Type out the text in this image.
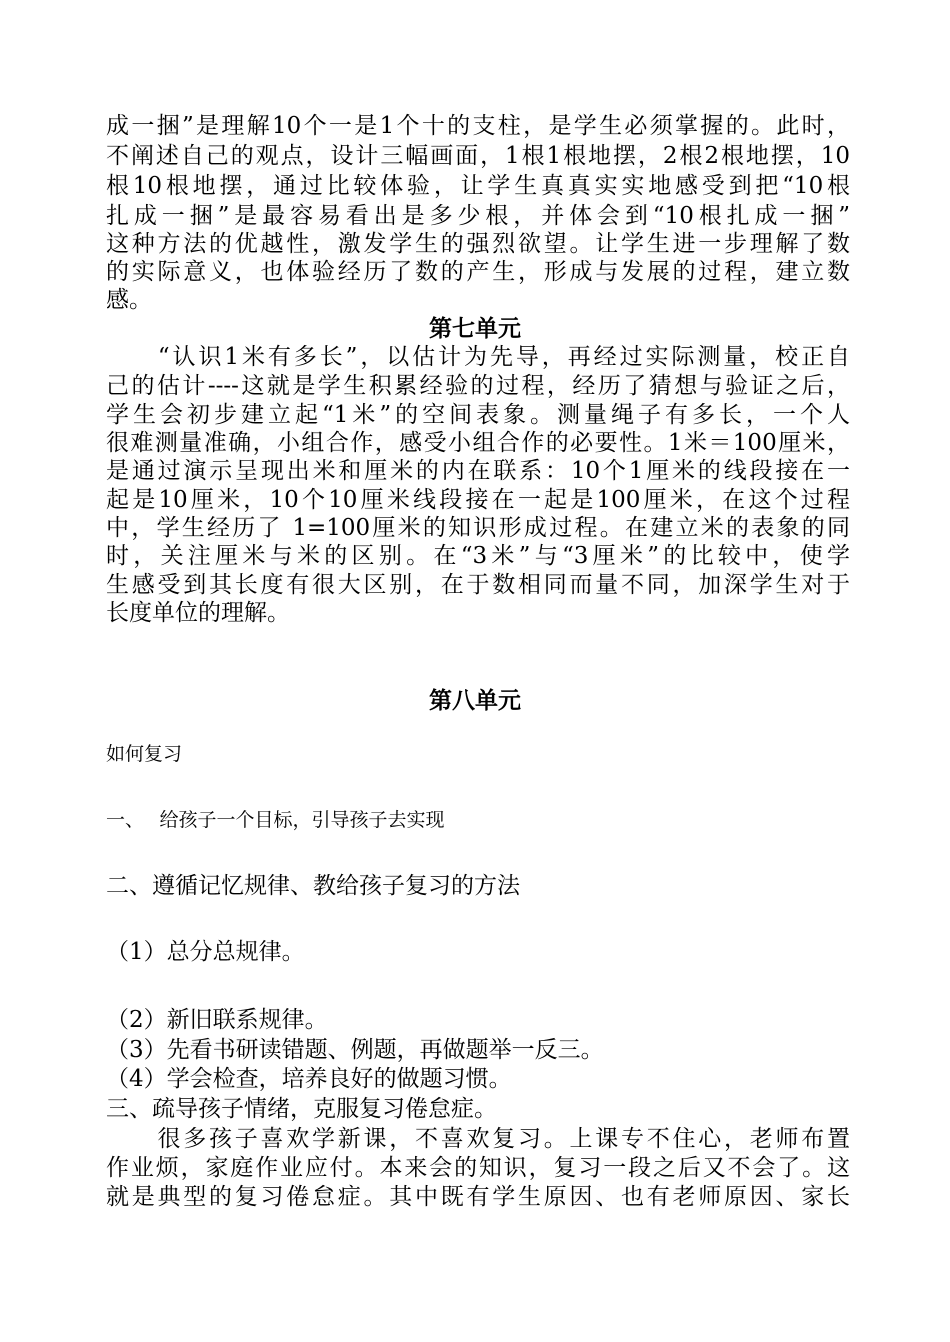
成一捆”是理解10个一是1个十的支柱，是学生必须掌握的。此时，
不阐述自己的观点，设计三幅画面，1根1根地摆，2根2根地摆，10
根10根地摆，通过比较体验，让学生真真实实地感受到把“10根
扎成一捆”是最容易看出是多少根，并体会到“10根扎成一捆”
这种方法的优越性，激发学生的强烈欲望。让学生进一步理解了数
的实际意义，也体验经历了数的产生，形成与发展的过程，建立数
感。
第七单元
　　“认识1米有多长”，以估计为先导，再经过实际测量，校正自
己的估计----这就是学生积累经验的过程，经历了猜想与验证之后，
学生会初步建立起“1米”的空间表象。测量绳子有多长，一个人
很难测量准确，小组合作，感受小组合作的必要性。1米＝100厘米，
是通过演示呈现出米和厘米的内在联系：10个1厘米的线段接在一
起是10厘米，10个10厘米线段接在一起是100厘米，在这个过程
中，学生经历了 1=100厘米的知识形成过程。在建立米的表象的同
时，关注厘米与米的区别。在“3米”与“3厘米”的比较中，使学
生感受到其长度有很大区别，在于数相同而量不同，加深学生对于
长度单位的理解。
第八单元
如何复习
一、　 给孩子一个目标，引导孩子去实现
二、遵循记忆规律、教给孩子复习的方法
（1）总分总规律。
（2）新旧联系规律。
（3）先看书研读错题、例题，再做题举一反三。
（4）学会检查，培养良好的做题习惯。
三、疏导孩子情绪，克服复习倦怠症。
　　很多孩子喜欢学新课，不喜欢复习。上课专不住心，老师布置
作业烦，家庭作业应付。本来会的知识，复习一段之后又不会了。这
就是典型的复习倦怠症。其中既有学生原因、也有老师原因、家长
